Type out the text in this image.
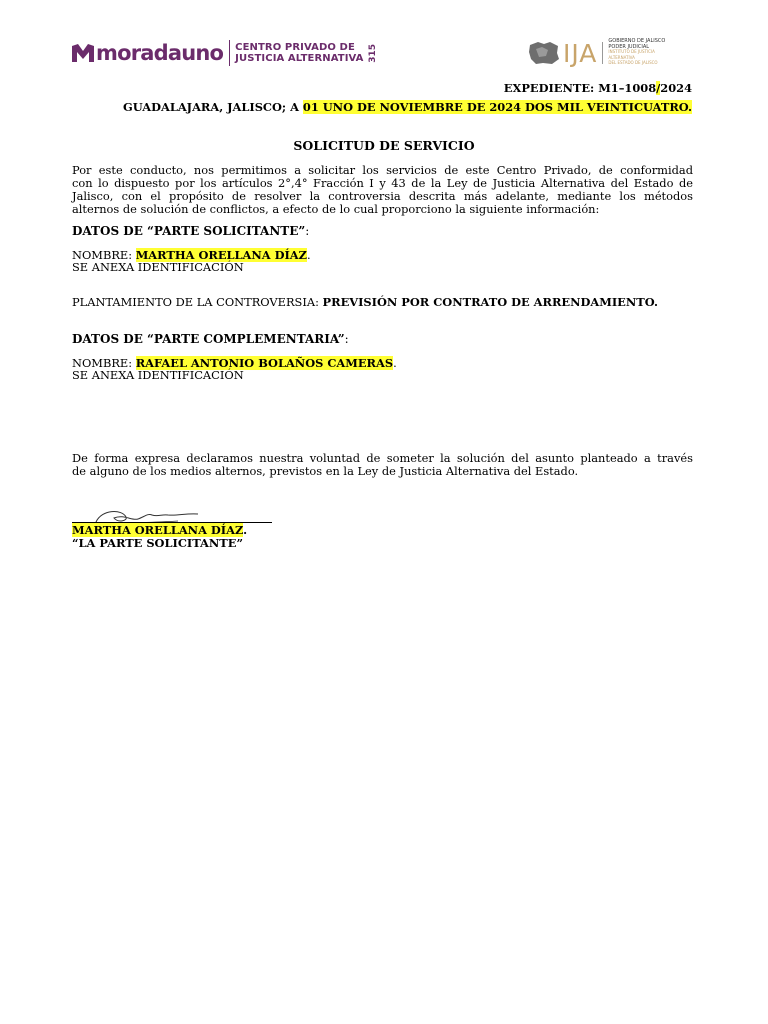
moradauno CENTRO PRIVADO DE
JUSTICIA ALTERNATIVA 315	IJA GOBIERNO DE JALISCO
PODER JUDICIAL
INSTITUTO DE JUSTICIA ALTERNATIVA
DEL ESTADO DE JALISCO
EXPEDIENTE: M1–1008/2024
GUADALAJARA, JALISCO; A 01 UNO DE NOVIEMBRE DE 2024 DOS MIL VEINTICUATRO.
SOLICITUD DE SERVICIO
Por este conducto, nos permitimos a solicitar los servicios de este Centro Privado, de conformidad
con lo dispuesto por los artículos 2°,4° Fracción I y 43 de la Ley de Justicia Alternativa del Estado de
Jalisco, con el propósito de resolver la controversia descrita más adelante, mediante los métodos
alternos de solución de conflictos, a efecto de lo cual proporciono la siguiente información:
DATOS DE “PARTE SOLICITANTE”:
NOMBRE: MARTHA ORELLANA DÍAZ.
SE ANEXA IDENTIFICACIÓN
PLANTAMIENTO DE LA CONTROVERSIA: PREVISIÓN POR CONTRATO DE ARRENDAMIENTO.
DATOS DE “PARTE COMPLEMENTARIA”:
NOMBRE: RAFAEL ANTONIO BOLAÑOS CAMERAS.
SE ANEXA IDENTIFICACIÓN
De forma expresa declaramos nuestra voluntad de someter la solución del asunto planteado a través
de alguno de los medios alternos, previstos en la Ley de Justicia Alternativa del Estado.
MARTHA ORELLANA DÍAZ.
“LA PARTE SOLICITANTE”
